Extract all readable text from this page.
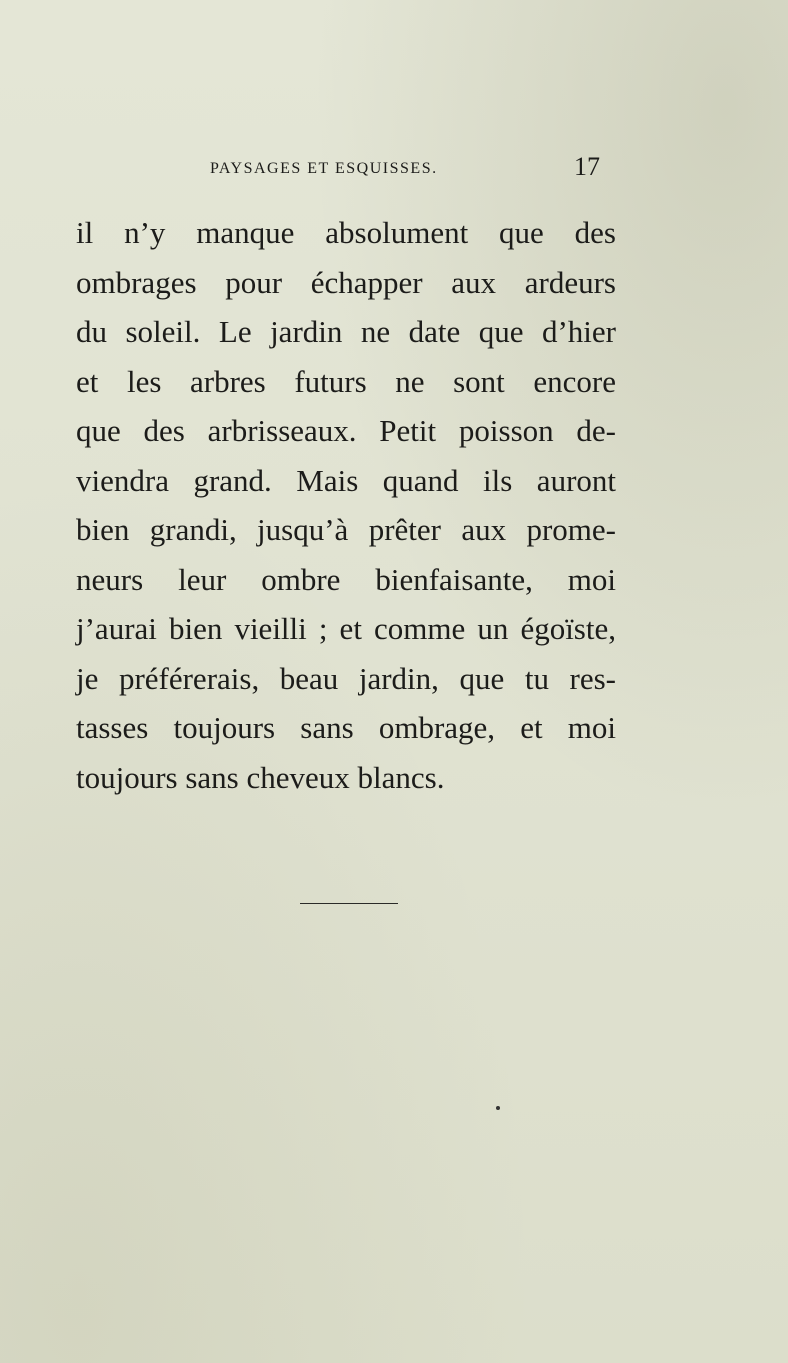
PAYSAGES ET ESQUISSES.	17
il n’y manque absolument que des
ombrages pour échapper aux ardeurs
du soleil. Le jardin ne date que d’hier
et les arbres futurs ne sont encore
que des arbrisseaux. Petit poisson de-
viendra grand. Mais quand ils auront
bien grandi, jusqu’à prêter aux prome-
neurs leur ombre bienfaisante, moi
j’aurai bien vieilli ; et comme un égoïste,
je préférerais, beau jardin, que tu res-
tasses toujours sans ombrage, et moi
toujours sans cheveux blancs.
